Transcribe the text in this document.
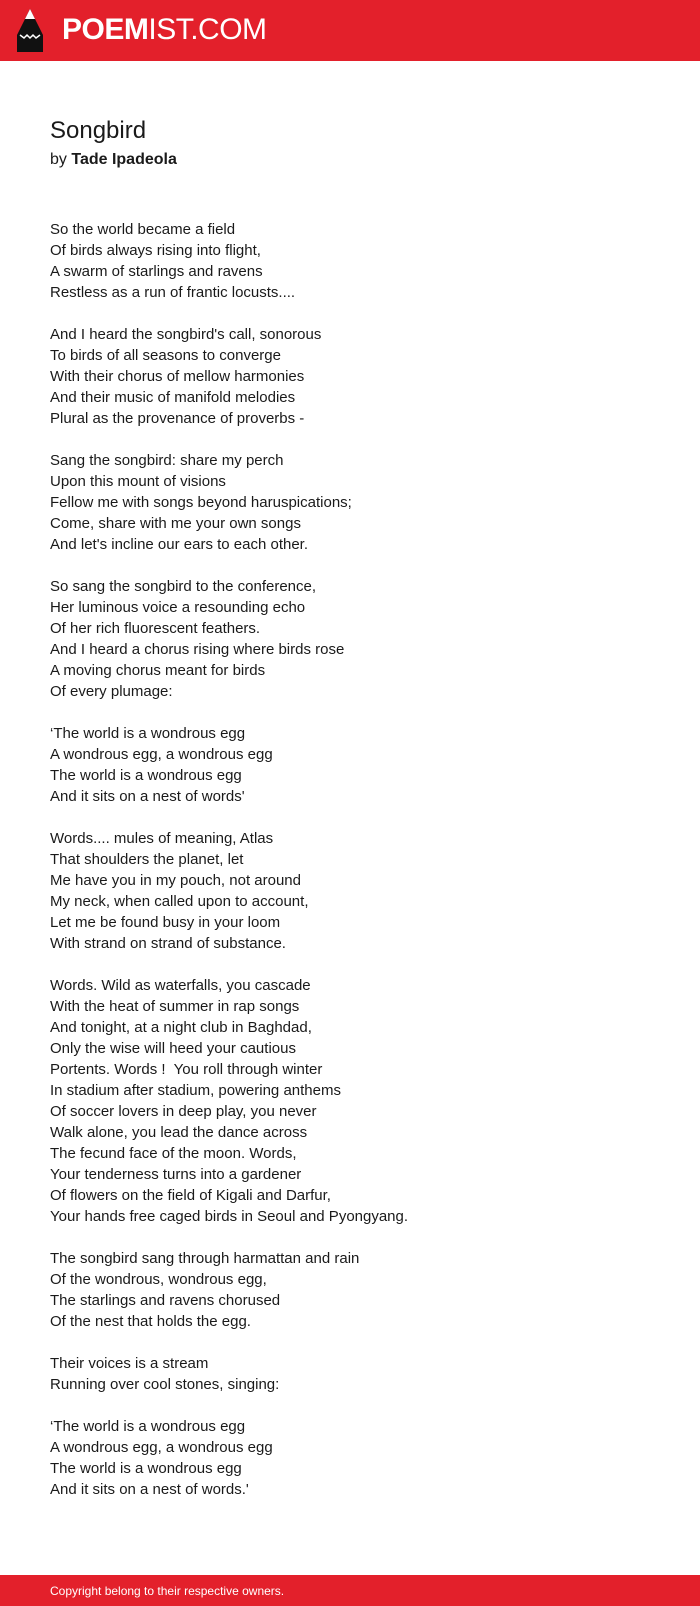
POEMIST.COM
Songbird
by Tade Ipadeola
So the world became a field
Of birds always rising into flight,
A swarm of starlings and ravens
Restless as a run of frantic locusts....
And I heard the songbird's call, sonorous
To birds of all seasons to converge
With their chorus of mellow harmonies
And their music of manifold melodies
Plural as the provenance of proverbs -
Sang the songbird: share my perch
Upon this mount of visions
Fellow me with songs beyond haruspications;
Come, share with me your own songs
And let's incline our ears to each other.
So sang the songbird to the conference,
Her luminous voice a resounding echo
Of her rich fluorescent feathers.
And I heard a chorus rising where birds rose
A moving chorus meant for birds
Of every plumage:
‘The world is a wondrous egg
A wondrous egg, a wondrous egg
The world is a wondrous egg
And it sits on a nest of words'
Words.... mules of meaning, Atlas
That shoulders the planet, let
Me have you in my pouch, not around
My neck, when called upon to account,
Let me be found busy in your loom
With strand on strand of substance.
Words. Wild as waterfalls, you cascade
With the heat of summer in rap songs
And tonight, at a night club in Baghdad,
Only the wise will heed your cautious
Portents. Words !  You roll through winter
In stadium after stadium, powering anthems
Of soccer lovers in deep play, you never
Walk alone, you lead the dance across
The fecund face of the moon. Words,
Your tenderness turns into a gardener
Of flowers on the field of Kigali and Darfur,
Your hands free caged birds in Seoul and Pyongyang.
The songbird sang through harmattan and rain
Of the wondrous, wondrous egg,
The starlings and ravens chorused
Of the nest that holds the egg.
Their voices is a stream
Running over cool stones, singing:
‘The world is a wondrous egg
A wondrous egg, a wondrous egg
The world is a wondrous egg
And it sits on a nest of words.'
Copyright belong to their respective owners.
